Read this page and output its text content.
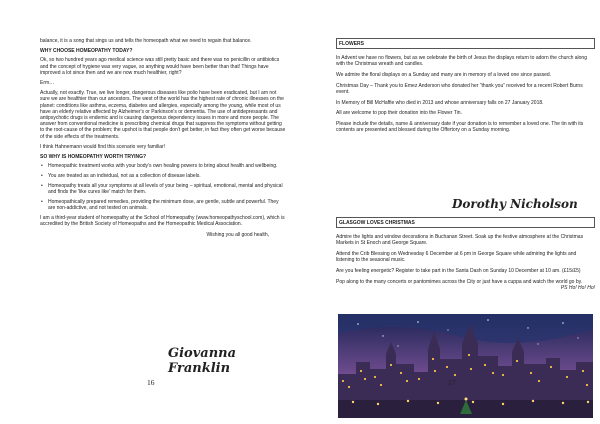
balance, it is a song that sings us and tells the homeopath what we need to regain that balance.

WHY CHOOSE HOMEOPATHY TODAY?

Ok, so two hundred years ago medical science was still pretty basic and there was no penicillin or antibiotics and the concept of hygiene was very vague, so anything would have been better than that! Things have improved a lot since then and we are now much healthier, right?

Erm…

Actually, not exactly. True, we live longer, dangerous diseases like polio have been eradicated, but I am not sure we are healthier than our ancestors. The west of the world has the highest rate of chronic illnesses on the planet: conditions like asthma, eczema, diabetes and allergies, especially among the young, while most of us have an elderly relative affected by Alzheimer's or Parkinson's or dementia. The use of antidepressants and antipsychotic drugs is endemic and is causing dangerous dependency issues in more and more people. The answer from conventional medicine is prescribing chemical drugs that suppress the symptoms without getting to the root-cause of the problem; the upshot is that people don't get better, in fact they often get worse because of the side effects of the treatments.

I think Hahnemann would find this scenario very familiar!

SO WHY IS HOMEOPATHY WORTH TRYING?
• Homeopathic treatment works with your body's own healing powers to bring about health and wellbeing.
• You are treated as an individual, not as a collection of disease labels.
• Homeopathy treats all your symptoms at all levels of your being – spiritual, emotional, mental and physical and finds the 'like cures like' match for them.
• Homeopathically prepared remedies, providing the minimum dose, are gentle, subtle and powerful. They are non-addictive, and not tested on animals.

I am a third-year student of homeopathy at the School of Homeopathy (www.homeopathyschool.com), which is accredited by the British Society of Homeopaths and the Homeopathic Medical Association.

Wishing you all good health,

Giovanna Franklin
16
FLOWERS

In Advent we have no flowers, but as we celebrate the birth of Jesus the displays return to adorn the church along with the Christmas wreath and candles.

We admire the floral displays on a Sunday and many are in memory of a loved one since passed.

Christmas Day – Thank you to Emez Anderson who donated her “thank you” received for a recent Robert Burns event.

In Memory of Bill McHaffie who died in 2013 and whose anniversary falls on 27 January 2018.

All are welcome to pop their donation into the Flower Tin.

Please include the details, name & anniversary date if your donation is to remember a loved one. The tin with its contents are presented and blessed during the Offertory on a Sunday morning.

GLASGOW LOVES CHRISTMAS

Admire the lights and window decorations in Buchanan Street. Soak up the festive atmosphere at the Christmas Markets in St Enoch and George Square.

Attend the Crib Blessing on Wednesday 6 December at 6 pm in George Square while admiring the lights and listening to the seasonal music.

Are you feeling energetic? Register to take part in the Santa Dash on Sunday 10 December at 10 am. (£15/£5)

Pop along to the many concerts or pantomimes across the City or just have a cuppa and watch the world go by.
PS Ho! Ho! Ho!

Dorothy Nicholson
17
